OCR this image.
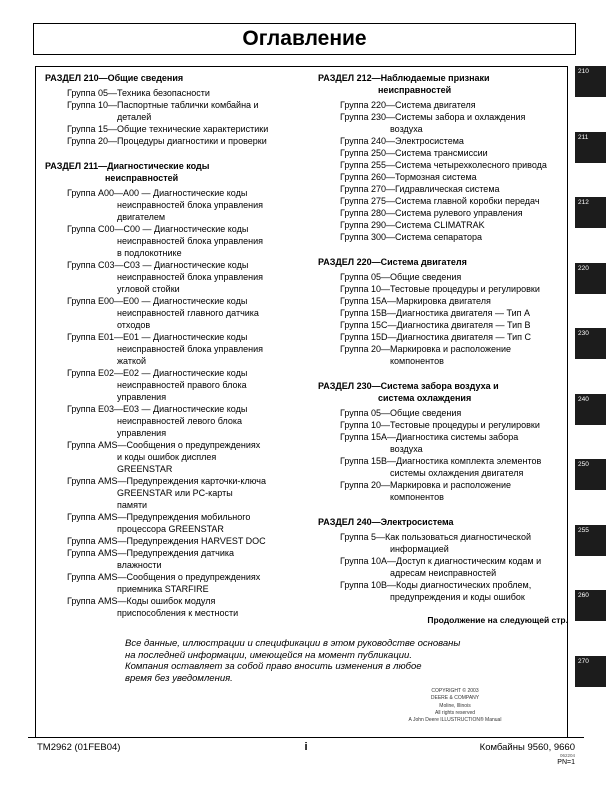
Оглавление
РАЗДЕЛ 210—Общие сведения
Группа 05—Техника безопасности
Группа 10—Паспортные таблички комбайна и
деталей
Группа 15—Общие технические характеристики
Группа 20—Процедуры диагностики и проверки
РАЗДЕЛ 211—Диагностические коды
неисправностей
Группа A00—A00 — Диагностические коды
неисправностей блока управления
двигателем
Группа C00—C00 — Диагностические коды
неисправностей блока управления
в подлокотнике
Группа C03—C03 — Диагностические коды
неисправностей блока управления
угловой стойки
Группа E00—E00 — Диагностические коды
неисправностей главного датчика
отходов
Группа E01—E01 — Диагностические коды
неисправностей блока управления
жаткой
Группа E02—E02 — Диагностические коды
неисправностей правого блока
управления
Группа E03—E03 — Диагностические коды
неисправностей левого блока
управления
Группа AMS—Сообщения о предупреждениях
и коды ошибок дисплея
GREENSTAR
Группа AMS—Предупреждения карточки-ключа
GREENSTAR или PC-карты
памяти
Группа AMS—Предупреждения мобильного
процессора GREENSTAR
Группа AMS—Предупреждения HARVEST DOC
Группа AMS—Предупреждения датчика
влажности
Группа AMS—Сообщения о предупреждениях
приемника STARFIRE
Группа AMS—Коды ошибок модуля
приспособления к местности
РАЗДЕЛ 212—Наблюдаемые признаки
неисправностей
Группа 220—Система двигателя
Группа 230—Системы забора и охлаждения
воздуха
Группа 240—Электросистема
Группа 250—Система трансмиссии
Группа 255—Система четырехколесного привода
Группа 260—Тормозная система
Группа 270—Гидравлическая система
Группа 275—Система главной коробки передач
Группа 280—Система рулевого управления
Группа 290—Система CLIMATRAK
Группа 300—Система сепаратора
РАЗДЕЛ 220—Система двигателя
Группа 05—Общие сведения
Группа 10—Тестовые процедуры и регулировки
Группа 15A—Маркировка двигателя
Группа 15B—Диагностика двигателя — Тип A
Группа 15C—Диагностика двигателя — Тип B
Группа 15D—Диагностика двигателя — Тип C
Группа 20—Маркировка и расположение
компонентов
РАЗДЕЛ 230—Система забора воздуха и
система охлаждения
Группа 05—Общие сведения
Группа 10—Тестовые процедуры и регулировки
Группа 15A—Диагностика системы забора
воздуха
Группа 15B—Диагностика комплекта элементов
системы охлаждения двигателя
Группа 20—Маркировка и расположение
компонентов
РАЗДЕЛ 240—Электросистема
Группа 5—Как пользоваться диагностической
информацией
Группа 10A—Доступ к диагностическим кодам и
адресам неисправностей
Группа 10B—Коды диагностических проблем,
предупреждения и коды ошибок
Продолжение на следующей стр.
Все данные, иллюстрации и спецификации в этом руководстве основаны
на последней информации, имеющейся на момент публикации.
Компания оставляет за собой право вносить изменения в любое
время без уведомления.
COPYRIGHT © 2003
DEERE & COMPANY
Moline, Illinois
All rights reserved
A John Deere ILLUSTRUCTION® Manual
TM2962 (01FEB04)	i	Комбайны 9560, 9660
062204
PN=1
210
211
212
220
230
240
250
255
260
270
